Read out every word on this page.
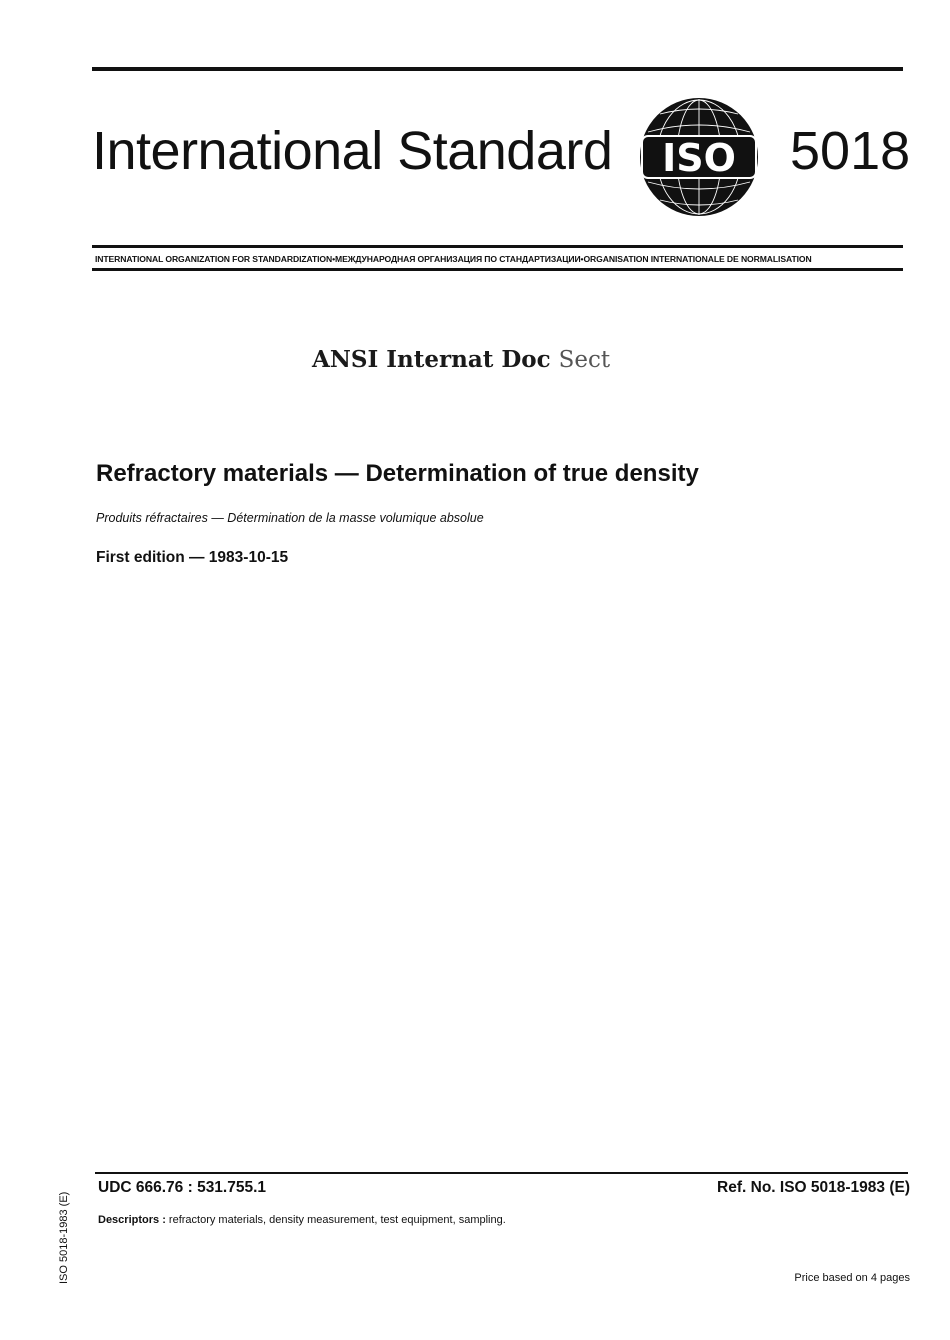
International Standard ISO 5018
INTERNATIONAL ORGANIZATION FOR STANDARDIZATION•МЕЖДУНАРОДНАЯ ОРГАНИЗАЦИЯ ПО СТАНДАРТИЗАЦИИ•ORGANISATION INTERNATIONALE DE NORMALISATION
ANSI Internat Doc Sect
Refractory materials — Determination of true density
Produits réfractaires — Détermination de la masse volumique absolue
First edition — 1983-10-15
UDC 666.76 : 531.755.1	Ref. No. ISO 5018-1983 (E)
Descriptors : refractory materials, density measurement, test equipment, sampling.
Price based on 4 pages
ISO 5018-1983 (E)
